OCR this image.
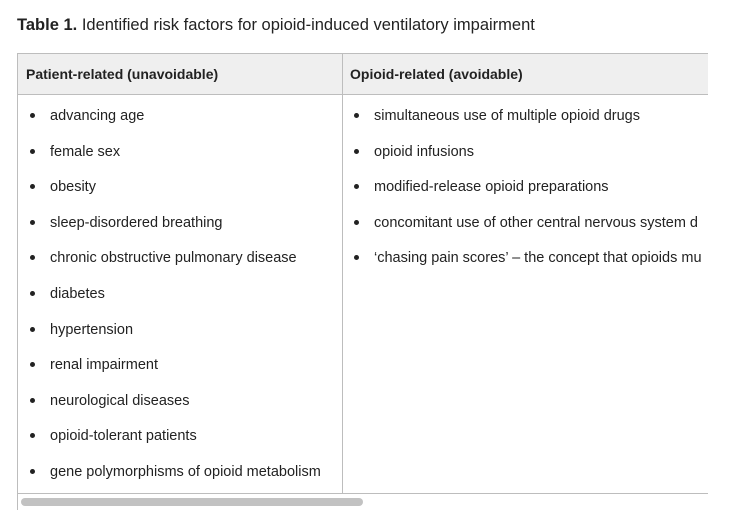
Table 1. Identified risk factors for opioid-induced ventilatory impairment
Patient-related (unavoidable)	Opioid-related (avoidable)
advancing age
female sex
obesity
sleep-disordered breathing
chronic obstructive pulmonary disease
diabetes
hypertension
renal impairment
neurological diseases
opioid-tolerant patients
gene polymorphisms of opioid metabolism
simultaneous use of multiple opioid drugs
opioid infusions
modified-release opioid preparations
concomitant use of other central nervous system d
‘chasing pain scores’ – the concept that opioids mu
